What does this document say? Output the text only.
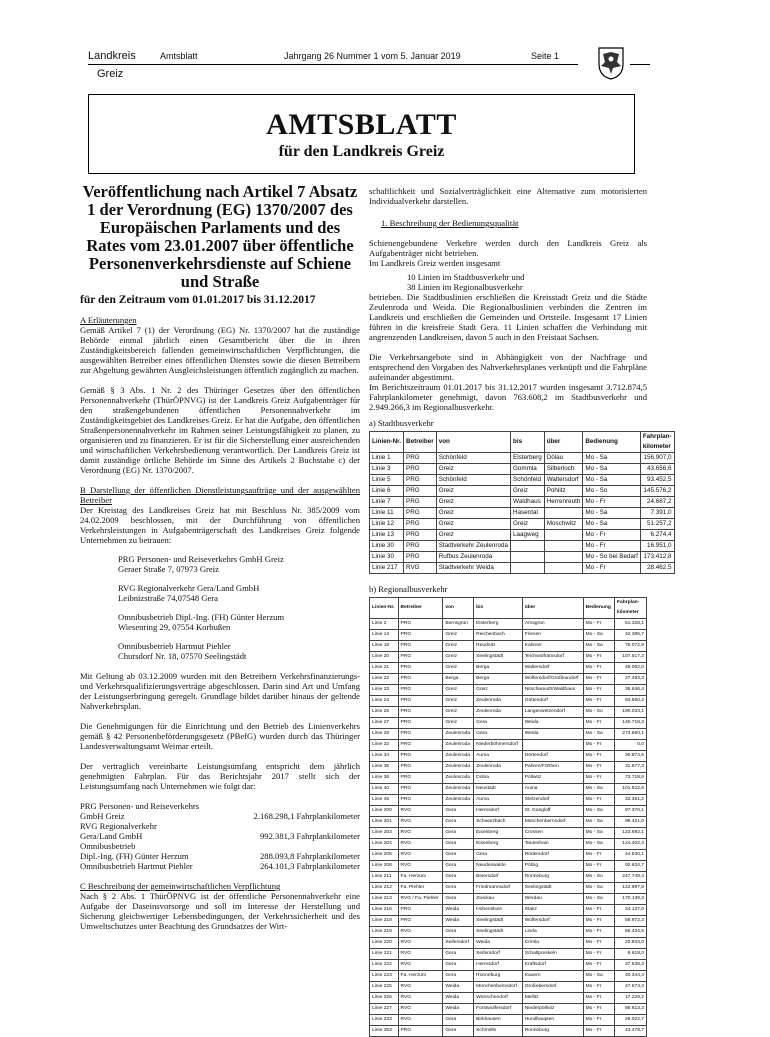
Landkreis
Greiz
Amtsblatt	Jahrgang 26 Nummer 1 vom 5. Januar 2019	Seite 1
AMTSBLATT
für den Landkreis Greiz
Veröffentlichung nach Artikel 7 Absatz 1 der Verordnung (EG) 1370/2007 des Europäischen Parlaments und des Rates vom 23.01.2007 über öffentliche Personenverkehrsdienste auf Schiene und Straße
für den Zeitraum vom 01.01.2017 bis 31.12.2017

A Erläuterungen

Gemäß Artikel 7 (1) der Verordnung (EG) Nr. 1370/2007 hat die zuständige Behörde einmal jährlich einen Gesamtbericht über die in ihren Zuständigkeitsbereich fallenden gemeinwirtschaftlichen Verpflichtungen, die ausgewählten Betreiber eines öffentlichen Dienstes sowie die diesen Betreibern zur Abgeltung gewährten Ausgleichsleistungen öffentlich zugänglich zu machen.

Gemäß § 3 Abs. 1 Nr. 2 des Thüringer Gesetzes über den öffentlichen Personennahverkehr (ThürÖPNVG) ist der Landkreis Greiz Aufgabenträger für den straßengebundenen öffentlichen Personennahverkehr im Zuständigkeitsgebiet des Landkreises Greiz. Er hat die Aufgabe, den öffentlichen Straßenpersonennahverkehr im Rahmen seiner Leistungsfähigkeit zu planen, zu organisieren und zu finanzieren. Er ist für die Sicherstellung einer ausreichenden und wirtschaftlichen Verkehrsbedienung verantwortlich. Der Landkreis Greiz ist damit zuständige örtliche Behörde im Sinne des Artikels 2 Buchstabe c) der Verordnung (EG) Nr. 1370/2007.

B Darstellung der öffentlichen Dienstleistungsaufträge und der ausgewählten Betreiber

Der Kreistag des Landkreises Greiz hat mit Beschluss Nr. 385/2009 vom 24.02.2009 beschlossen, mit der Durchführung von öffentlichen Verkehrsleistungen in Aufgabenträgerschaft des Landkreises Greiz folgende Unternehmen zu betrauen:

PRG Personen- und Reiseverkehrs GmbH Greiz
Geraer Straße 7, 07973 Greiz

RVG Regionalverkehr Gera/Land GmbH
Leibnizstraße 74,07548 Gera

Omnibusbetrieb Dipl.-Ing. (FH) Günter Herzum
Wiesenring 29, 07554 Korbußen

Omnibusbetrieb Hartmut Piehler
Chursdorf Nr. 18, 07570 Seelingstädt

Mit Geltung ab 03.12.2009 wurden mit den Betreibern Verkehrsfinanzierungs- und Verkehrsqualifizierungsverträge abgeschlossen. Darin sind Art und Umfang der Leistungserbringung geregelt. Grundlage bildet darüber hinaus der geltende Nahverkehrsplan.

Die Genehmigungen für die Einrichtung und den Betrieb des Linienverkehrs gemäß § 42 Personenbeförderungsgesetz (PBefG) wurden durch das Thüringer Landesverwaltungsamt Weimar erteilt.

Der vertraglich vereinbarte Leistungsumfang entspricht dem jährlich genehmigten Fahrplan. Für das Berichtsjahr 2017 stellt sich der Leistungsumfang nach Unternehmen wie folgt dar:

PRG Personen- und Reiseverkehrs

GmbH Greiz	2.168.298,1 Fahrplankilometer

RVG Regionalverkehr

Gera/Land GmbH	992.381,3 Fahrplankilometer

Omnibusbetrieb

Dipl.-Ing. (FH) Günter Herzum	288.093,8 Fahrplankilometer
Omnibusbetrieb Hartmut Piehler	264.101,3 Fahrplankilometer

C Beschreibung der gemeinwirtschaftlichen Verpflichtung

Nach § 2 Abs. 1 ThürÖPNVG ist der öffentliche Personennahverkehr eine Aufgabe der Daseinsvorsorge und soll im Interesse der Herstellung und Sicherung gleichwertiger Lebensbedingungen, der Verkehrssicherheit und des Umweltschutzes unter Beachtung des Grundsatzes der Wirt-

schaftlichkeit und Sozialverträglichkeit eine Alternative zum motorisierten Individualverkehr darstellen.

1. Beschreibung der Bedienungsqualität

Schienengebundene Verkehre werden durch den Landkreis Greiz als Aufgabenträger nicht betrieben.

Im Landkreis Greiz werden insgesamt

10 Linien im Stadtbusverkehr und

38 Linien im Regionalbusverkehr

betrieben. Die Stadtbuslinien erschließen die Kreisstadt Greiz und die Städte Zeulenroda und Weida. Die Regionalbuslinien verbinden die Zentren im Landkreis und erschließen die Gemeinden und Ortsteile. Insgesamt 17 Linien führen in die kreisfreie Stadt Gera. 11 Linien schaffen die Verbindung mit angrenzenden Landkreisen, davon 5 auch in den Freistaat Sachsen.

Die Verkehrsangebote sind in Abhängigkeit von der Nachfrage und entsprechend den Vorgaben des Nahverkehrsplanes verknüpft und die Fahrpläne aufeinander abgestimmt.

Im Berichtszeitraum 01.01.2017 bis 31.12.2017 wurden insgesamt 3.712.874,5 Fahrplankilometer genehmigt, davon 763.608,2 im Stadtbusverkehr und 2.949.266,3 im Regionalbusverkehr.

a) Stadtbusverkehr

Linien-Nr.	Betreiber	von	bis	über	Bedienung	Fahrplan-kilometer
Linie 1	PRG	Schönfeld	Elsterberg	Dölau	Mo - Sa	156.907,0
Linie 3	PRG	Greiz	Gommla	Silberloch	Mo - Sa	43.656,6
Linie 5	PRG	Schönfeld	Schönfeld	Waltersdorf	Mo - Sa	93.452,5
Linie 6	PRG	Greiz	Greiz	Pohlitz	Mo - So	145.576,2
Linie 7	PRG	Greiz	Waldhaus	Herrenreuth	Mo - Fr	24.687,2
Linie 11	PRG	Greiz	Hasental		Mo - Sa	7.391,0
Linie 12	PRG	Greiz	Greiz	Moschwitz	Mo - Sa	51.257,2
Linie 13	PRG	Greiz	Laagweg		Mo - Fr	6.274,4
Linie 30	PRG	Stadtverkehr Zeulenroda			Mo - Fr	16.951,0
Linie 30	PRG	Rufbus Zeulenroda			Mo - So bei Bedarf	173.412,8
Linie 217	RVG	Stadtverkehr Weida			Mo - Fr	28.462,5

b) Regionalbusverkehr

Linien-Nr.	Betreiber	von	bis	über	Bedienung	Fahrplan-kilometer
Linie 2	PRG	Bernsgrün	Elsterberg	Arnsgrün	Mo - Fr	51.328,1
Linie 14	PRG	Greiz	Reichenbach	Friesen	Mo - Sa	42.385,7
Linie 18	PRG	Greiz	Reudnitz	Kahmer	Mo - Sa	76.072,9
Linie 20	PRG	Greiz	Seelingstädt	Teichwolframsdorf	Mo - Fr	107.517,2
Linie 21	PRG	Greiz	Berga	Waltersdorf	Mo - Fr	49.062,0
Linie 22	PRG	Berga	Berga	Wolfersdorf/Großkundorf	Mo - Fr	27.493,3
Linie 23	PRG	Greiz	Greiz	Nitschareuth/Waldhaus	Mo - Fr	36.646,4
Linie 24	PRG	Greiz	Zeulenroda	Göttendorf	Mo - Fr	63.660,2
Linie 25	PRG	Greiz	Zeulenroda	Langenwetzendorf	Mo - So	190.033,1
Linie 27	PRG	Greiz	Gera	Weida	Mo - Fr	146.718,3
Linie 28	PRG	Zeulenroda	Gera	Weida	Mo - Sa	273.660,1
Linie 32	PRG	Zeulenroda	Niederböhmersdorf		Mo - Fr	0,0
Linie 34	PRG	Zeulenroda	Auma	Dörtendorf	Mo - Fr	30.874,6
Linie 35	PRG	Zeulenroda	Zeulenroda	Pahren/Förthen	Mo - Fr	31.677,3
Linie 36	PRG	Zeulenroda	Dobia	Pöllwitz	Mo - Fr	73.718,6
Linie 40	PRG	Zeulenroda	Neustadt	Auma	Mo - Sa	101.622,6
Linie 45	PRG	Zeulenroda	Auma	Stelzendorf	Mo - Fr	32.351,2
Linie 200	RVG	Gera	Hermsdorf	St. Gangloff	Mo - Sa	97.376,1
Linie 201	RVG	Gera	Schwarzbach	Münchenbernsdorf	Mo - Sa	98.421,0
Linie 203	RVG	Gera	Eisenberg	Crossen	Mo - Sa	123.692,1
Linie 204	RVG	Gera	Eisenberg	Tautenhain	Mo - Sa	124.402,4
Linie 205	RVG	Gera	Gera	Rödersdorf	Mo - Fr	44.630,1
Linie 208	RVG	Gera	Neudeswalde	Pölzig	Mo - Fr	92.634,7
Linie 211	Fa. Herzum	Gera	Beiersdorf	Ronneburg	Mo - So	247.749,4
Linie 212	Fa. Piehler	Gera	Friedmannsdorf	Seelingstädt	Mo - Sa	122.997,8
Linie 213	RVG / Fa. Piehler	Gera	Zwickau	Werdau	Mo - Sa	170.139,3
Linie 216	PRG	Weida	Hohenölsen	Staitz	Mo - Fr	34.137,0
Linie 218	PRG	Weida	Seelingstädt	Wolfersdorf	Mo - Fr	58.972,3
Linie 219	RVG	Gera	Seelingstädt	Linda	Mo - Fr	66.434,5
Linie 220	RVG	Seifersdorf	Weida	Crimla	Mo - Fr	23.843,0
Linie 221	RVG	Gera	Seifersdorf	Schaltpreskeln	Mo - Fr	9.618,0
Linie 222	RVG	Gera	Hermsdorf	Kraftsdorf	Mo - Fr	37.638,3
Linie 223	Fa. Herzum	Gera	Ronneburg	Kauern	Mo - Sa	40.344,4
Linie 225	RVG	Weida	Münchenbernsdorf	Großebersdorf	Mo - Fr	47.673,4
Linie 226	RVG	Weida	Wünschendorf	Mellitz	Mo - Fr	17.229,2
Linie 227	RVG	Weida	Forstwolfersdorf	Niederpöllnitz	Mo - Fr	86.613,3
Linie 233	RVG	Gera	Birkhausen	Hundhaupten	Mo - Fr	28.022,7
Linie 353	PRG	Gera	Schmölln	Ronneburg	Mo - Fr	43.478,7
